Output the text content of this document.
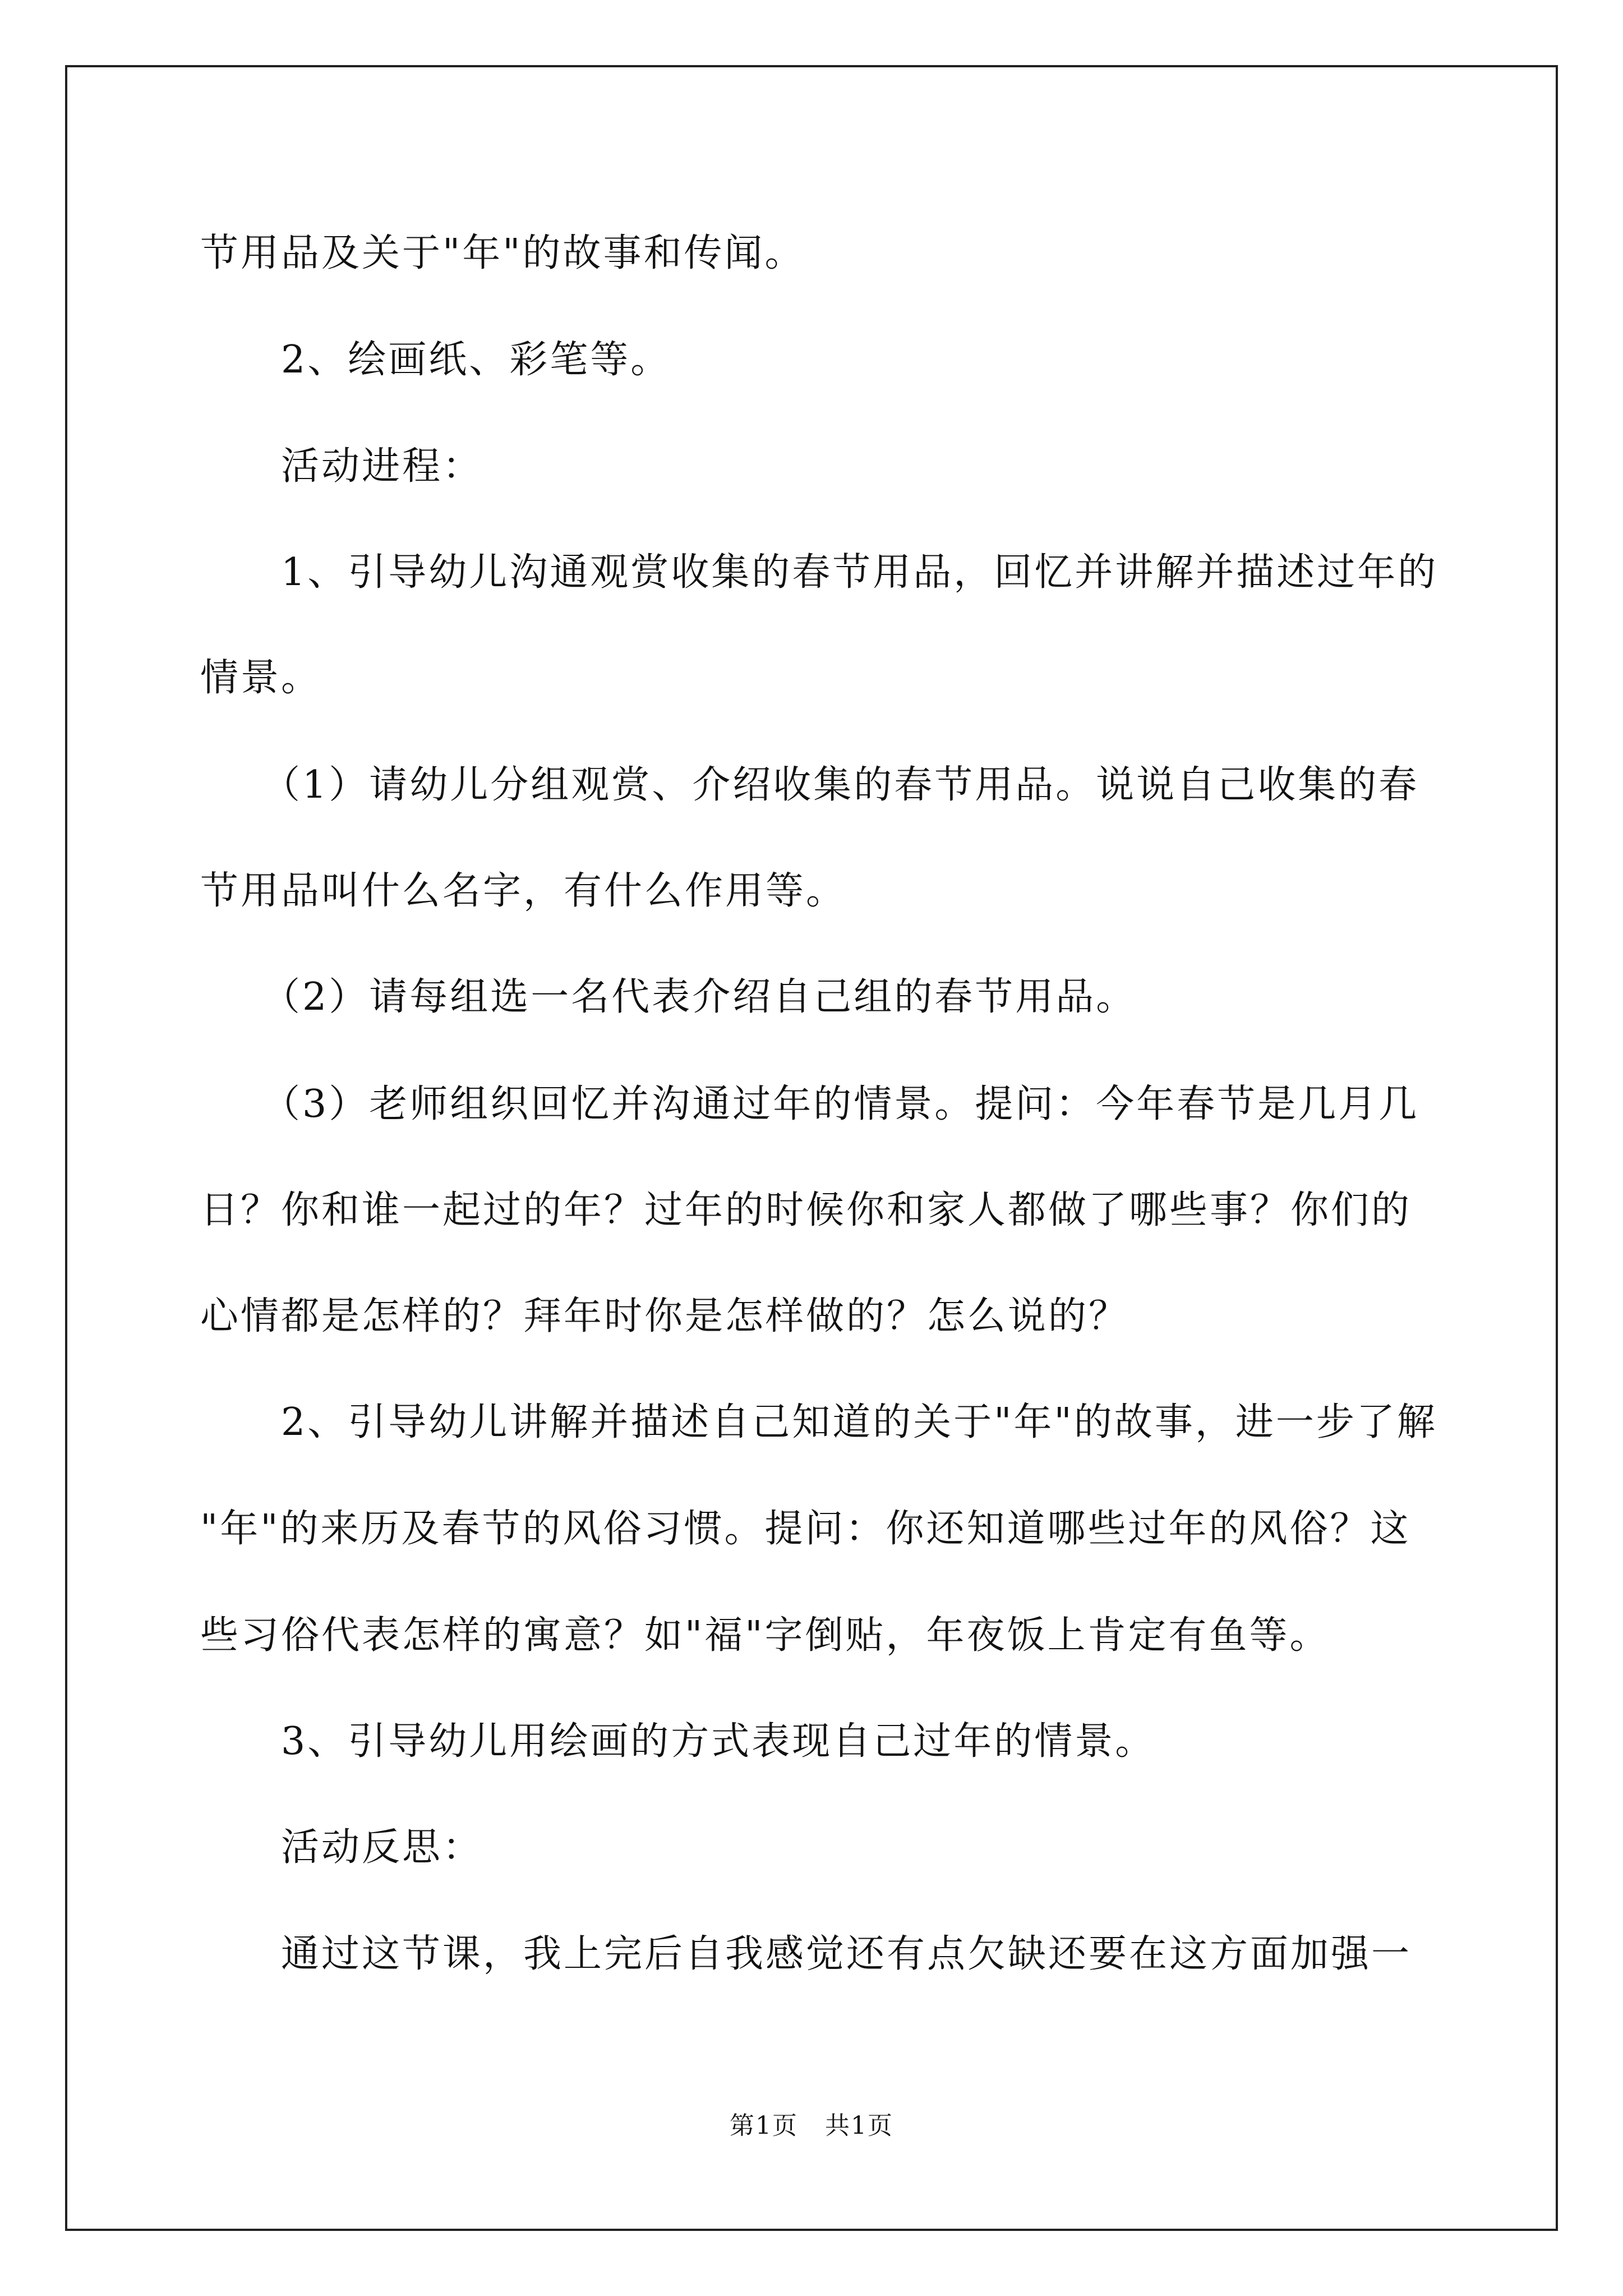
节用品及关于"年"的故事和传闻。
　　2、绘画纸、彩笔等。
　　活动进程：
　　1、引导幼儿沟通观赏收集的春节用品，回忆并讲解并描述过年的
情景。
　　（1）请幼儿分组观赏、介绍收集的春节用品。说说自己收集的春
节用品叫什么名字，有什么作用等。
　　（2）请每组选一名代表介绍自己组的春节用品。
　　（3）老师组织回忆并沟通过年的情景。提问：今年春节是几月几
日？你和谁一起过的年？过年的时候你和家人都做了哪些事？你们的
心情都是怎样的？拜年时你是怎样做的？怎么说的？
　　2、引导幼儿讲解并描述自己知道的关于"年"的故事，进一步了解
"年"的来历及春节的风俗习惯。提问：你还知道哪些过年的风俗？这
些习俗代表怎样的寓意？如"福"字倒贴，年夜饭上肯定有鱼等。
　　3、引导幼儿用绘画的方式表现自己过年的情景。
　　活动反思：
　　通过这节课，我上完后自我感觉还有点欠缺还要在这方面加强一
第1页 共1页
